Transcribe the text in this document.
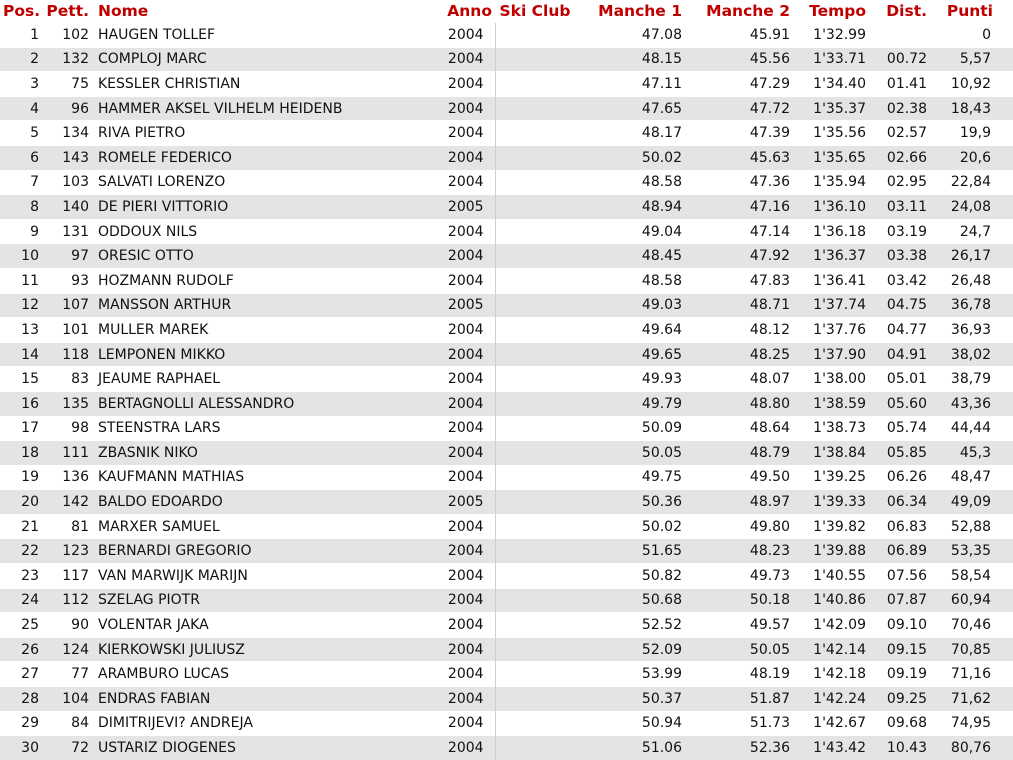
Pos.	Pett.	Nome	Anno	Ski Club	Manche 1	Manche 2	Tempo	Dist.	Punti
1	102	HAUGEN TOLLEF	2004		47.08	45.91	1'32.99		0
2	132	COMPLOJ MARC	2004		48.15	45.56	1'33.71	00.72	5,57
3	75	KESSLER CHRISTIAN	2004		47.11	47.29	1'34.40	01.41	10,92
4	96	HAMMER AKSEL VILHELM HEIDENB	2004		47.65	47.72	1'35.37	02.38	18,43
5	134	RIVA PIETRO	2004		48.17	47.39	1'35.56	02.57	19,9
6	143	ROMELE FEDERICO	2004		50.02	45.63	1'35.65	02.66	20,6
7	103	SALVATI LORENZO	2004		48.58	47.36	1'35.94	02.95	22,84
8	140	DE PIERI VITTORIO	2005		48.94	47.16	1'36.10	03.11	24,08
9	131	ODDOUX NILS	2004		49.04	47.14	1'36.18	03.19	24,7
10	97	ORESIC OTTO	2004		48.45	47.92	1'36.37	03.38	26,17
11	93	HOZMANN RUDOLF	2004		48.58	47.83	1'36.41	03.42	26,48
12	107	MANSSON ARTHUR	2005		49.03	48.71	1'37.74	04.75	36,78
13	101	MULLER MAREK	2004		49.64	48.12	1'37.76	04.77	36,93
14	118	LEMPONEN MIKKO	2004		49.65	48.25	1'37.90	04.91	38,02
15	83	JEAUME RAPHAEL	2004		49.93	48.07	1'38.00	05.01	38,79
16	135	BERTAGNOLLI ALESSANDRO	2004		49.79	48.80	1'38.59	05.60	43,36
17	98	STEENSTRA LARS	2004		50.09	48.64	1'38.73	05.74	44,44
18	111	ZBASNIK NIKO	2004		50.05	48.79	1'38.84	05.85	45,3
19	136	KAUFMANN MATHIAS	2004		49.75	49.50	1'39.25	06.26	48,47
20	142	BALDO EDOARDO	2005		50.36	48.97	1'39.33	06.34	49,09
21	81	MARXER SAMUEL	2004		50.02	49.80	1'39.82	06.83	52,88
22	123	BERNARDI GREGORIO	2004		51.65	48.23	1'39.88	06.89	53,35
23	117	VAN MARWIJK MARIJN	2004		50.82	49.73	1'40.55	07.56	58,54
24	112	SZELAG PIOTR	2004		50.68	50.18	1'40.86	07.87	60,94
25	90	VOLENTAR JAKA	2004		52.52	49.57	1'42.09	09.10	70,46
26	124	KIERKOWSKI JULIUSZ	2004		52.09	50.05	1'42.14	09.15	70,85
27	77	ARAMBURO LUCAS	2004		53.99	48.19	1'42.18	09.19	71,16
28	104	ENDRAS FABIAN	2004		50.37	51.87	1'42.24	09.25	71,62
29	84	DIMITRIJEVI? ANDREJA	2004		50.94	51.73	1'42.67	09.68	74,95
30	72	USTARIZ DIOGENES	2004		51.06	52.36	1'43.42	10.43	80,76
